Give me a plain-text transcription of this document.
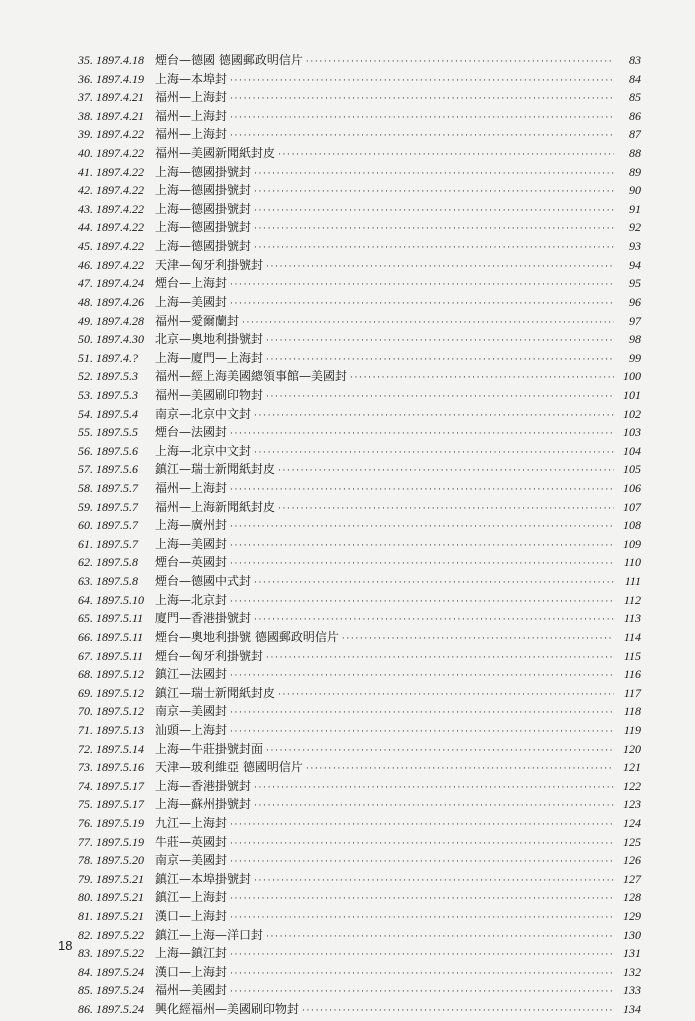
35. 1897.4.18 煙台—德國 德國郵政明信片 · · ·	83
36. 1897.4.19 上海—本埠封 · · ·	84
37. 1897.4.21 福州—上海封 · · ·	85
38. 1897.4.21 福州—上海封 · · ·	86
39. 1897.4.22 福州—上海封 · · ·	87
40. 1897.4.22 福州—美國新聞紙封皮 · · ·	88
41. 1897.4.22 上海—德國掛號封 · · ·	89
42. 1897.4.22 上海—德國掛號封 · · ·	90
43. 1897.4.22 上海—德國掛號封 · · ·	91
44. 1897.4.22 上海—德國掛號封 · · ·	92
45. 1897.4.22 上海—德國掛號封 · · ·	93
46. 1897.4.22 天津—匈牙利掛號封 · · ·	94
47. 1897.4.24 煙台—上海封 · · ·	95
48. 1897.4.26 上海—美國封 · · ·	96
49. 1897.4.28 福州—愛爾蘭封 · · ·	97
50. 1897.4.30 北京—奧地利掛號封 · · ·	98
51. 1897.4.?	上海—廈門—上海封 · · ·	99
52. 1897.5.3	福州—經上海美國總領事館—美國封 · · ·	100
53. 1897.5.3	福州—美國刷印物封 · · ·	101
54. 1897.5.4	南京—北京中文封 · · ·	102
55. 1897.5.5	煙台—法國封 · · ·	103
56. 1897.5.6	上海—北京中文封 · · ·	104
57. 1897.5.6	鎮江—瑞士新聞紙封皮 · · ·	105
58. 1897.5.7	福州—上海封 · · ·	106
59. 1897.5.7	福州—上海新聞紙封皮 · · ·	107
60. 1897.5.7	上海—廣州封 · · ·	108
61. 1897.5.7	上海—美國封 · · ·	109
62. 1897.5.8	煙台—英國封 · · ·	110
63. 1897.5.8	煙台—德國中式封 · · ·	111
64. 1897.5.10 上海—北京封 · · ·	112
65. 1897.5.11 廈門—香港掛號封 · · ·	113
66. 1897.5.11 煙台—奧地利掛號 德國郵政明信片 · · ·	114
67. 1897.5.11 煙台—匈牙利掛號封 · · ·	115
68. 1897.5.12 鎮江—法國封 · · ·	116
69. 1897.5.12 鎮江—瑞士新聞紙封皮 · · ·	117
70. 1897.5.12 南京—美國封 · · ·	118
71. 1897.5.13 汕頭—上海封 · · ·	119
72. 1897.5.14 上海—牛莊掛號封面 · · ·	120
73. 1897.5.16 天津—玻利維亞 德國明信片 · · ·	121
74. 1897.5.17 上海—香港掛號封 · · ·	122
75. 1897.5.17 上海—蘇州掛號封 · · ·	123
76. 1897.5.19 九江—上海封 · · ·	124
77. 1897.5.19 牛莊—英國封 · · ·	125
78. 1897.5.20 南京—美國封 · · ·	126
79. 1897.5.21 鎮江—本埠掛號封 · · ·	127
80. 1897.5.21 鎮江—上海封 · · ·	128
81. 1897.5.21 漢口—上海封 · · ·	129
82. 1897.5.22 鎮江—上海—洋口封 · · ·	130
83. 1897.5.22 上海—鎮江封 · · ·	131
84. 1897.5.24 漢口—上海封 · · ·	132
85. 1897.5.24 福州—美國封 · · ·	133
86. 1897.5.24 興化經福州—美國刷印物封 · · ·	134
18
